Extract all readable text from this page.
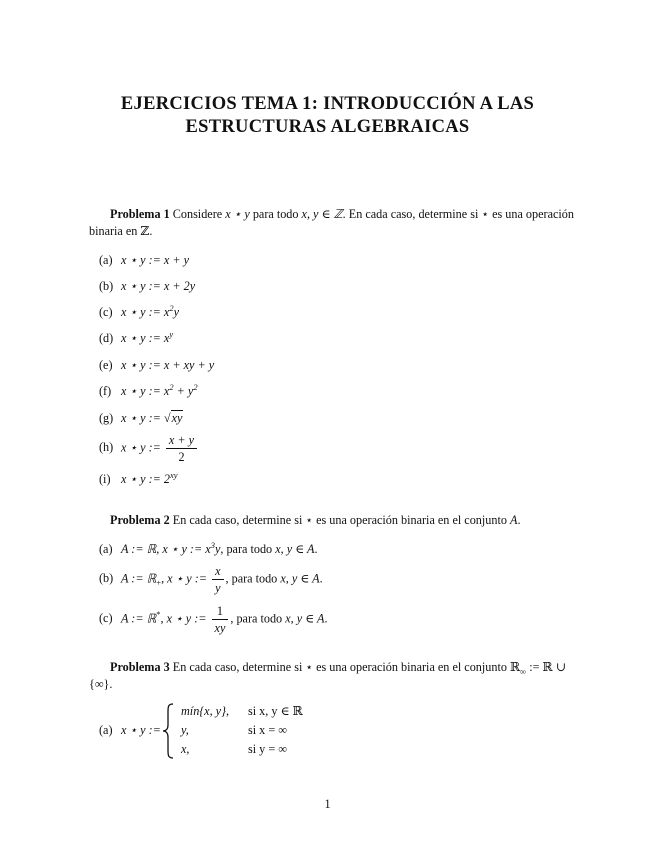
EJERCICIOS TEMA 1: INTRODUCCIÓN A LAS
ESTRUCTURAS ALGEBRAICAS
Problema 1 Considere x ⋆ y para todo x, y ∈ ℤ. En cada caso, determine si ⋆ es una operación binaria en ℤ.
(a) x ⋆ y := x + y
(b) x ⋆ y := x + 2y
(c) x ⋆ y := $x^2y$
(d) x ⋆ y := $x^y$
(e) x ⋆ y := x + xy + y
(f) x ⋆ y := $x^2 + y^2$
(g) x ⋆ y := √xy
(h) x ⋆ y := $\frac{x + y}{2}$
(i) x ⋆ y := $2^{xy}$
Problema 2 En cada caso, determine si ⋆ es una operación binaria en el conjunto A.
(a) A := ℝ, x ⋆ y := $x^3y$, para todo x, y ∈ A.
(b) A := ℝ$_+$, x ⋆ y := $\frac{x}{y}$ , para todo x, y ∈ A.
(c) A := ℝ*, x ⋆ y := $\frac{1}{xy}$ , para todo x, y ∈ A.
Problema 3 En cada caso, determine si ⋆ es una operación binaria en el conjunto ℝ$_\infty$ := ℝ ∪ {∞}.
(a) x ⋆ y :=
mín{x, y}, si x, y ∈ ℝ
y,	si x = ∞
x,	si y = ∞
1
